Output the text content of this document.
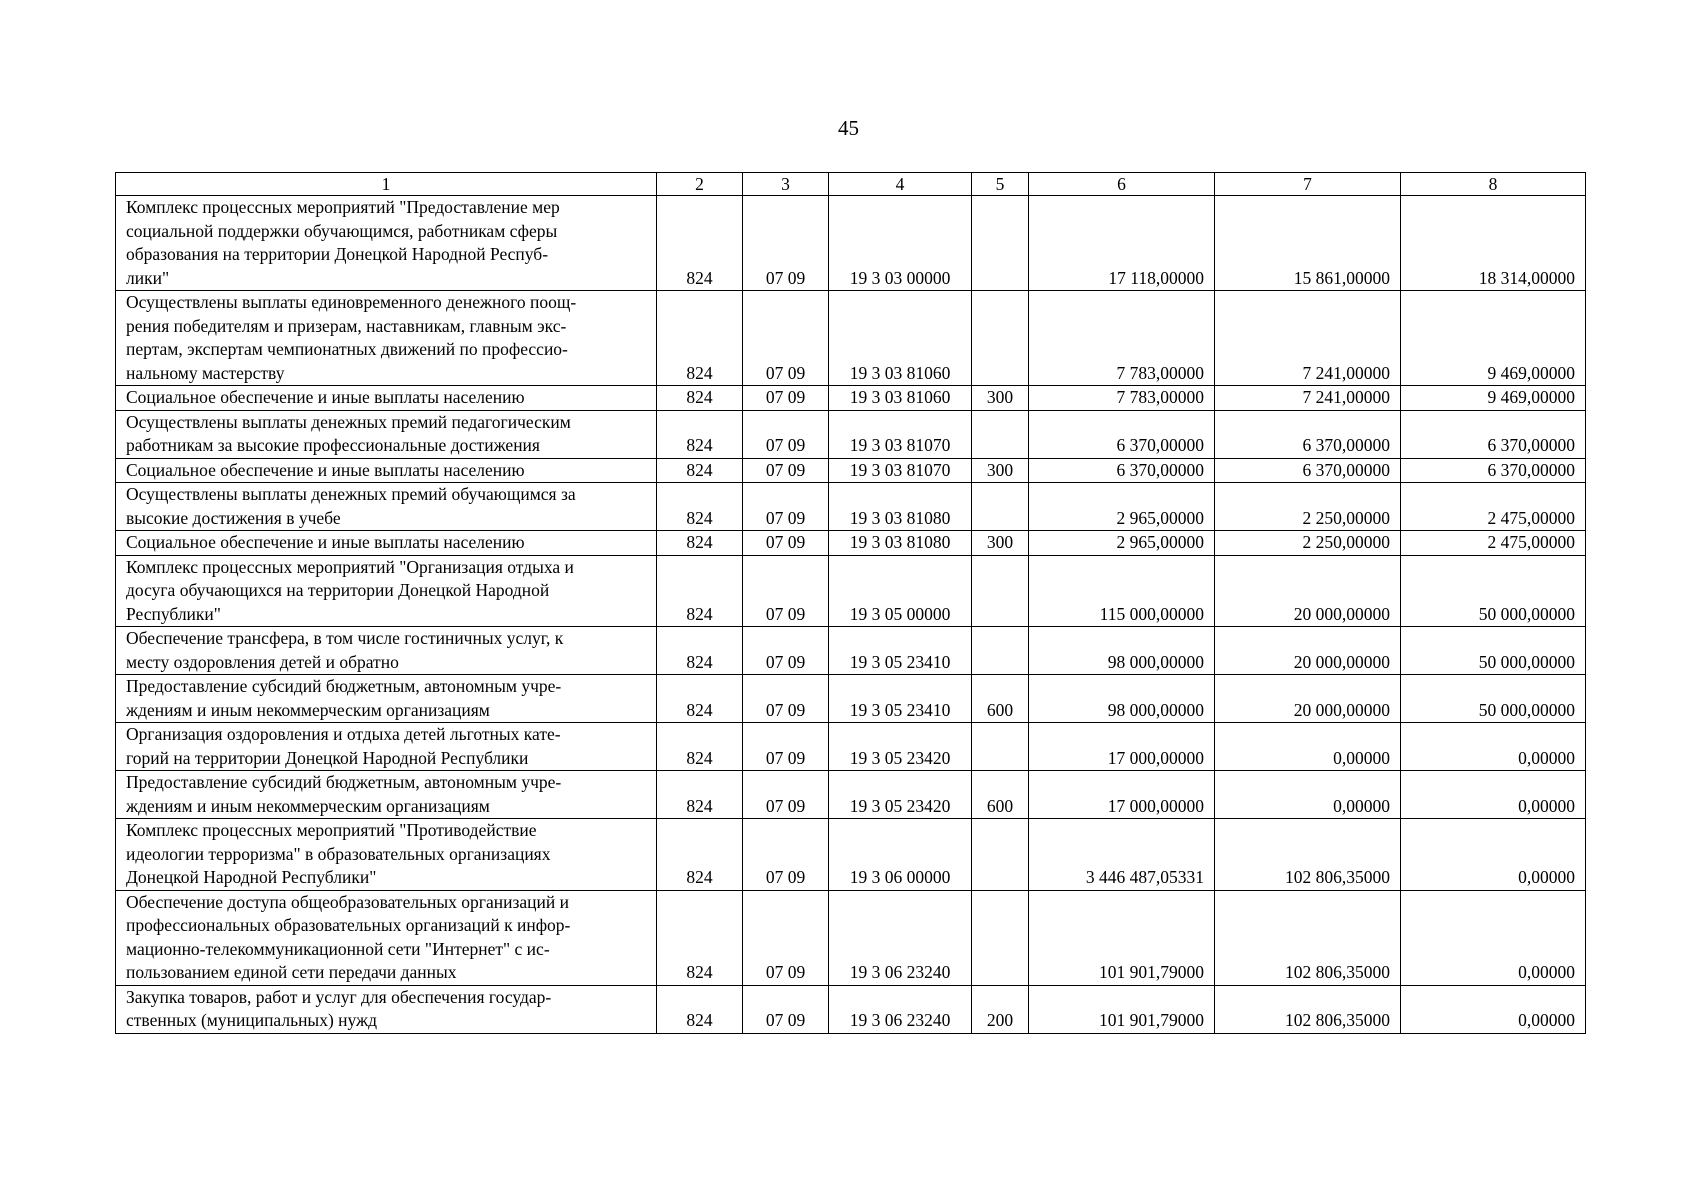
45
1	2	3	4	5	6	7	8

Комплекс процессных мероприятий "Предоставление мер
социальной поддержки обучающимся, работникам сферы
образования на территории Донецкой Народной Респуб-
лики"	824	07 09	19 3 03 00000		17 118,00000	15 861,00000	18 314,00000

Осуществлены выплаты единовременного денежного поощ-
рения победителям и призерам, наставникам, главным экс-
пертам, экспертам чемпионатных движений по профессио-
нальному мастерству	824	07 09	19 3 03 81060		7 783,00000	7 241,00000	9 469,00000

Социальное обеспечение и иные выплаты населению	824	07 09	19 3 03 81060	300	7 783,00000	7 241,00000	9 469,00000

Осуществлены выплаты денежных премий педагогическим
работникам за высокие профессиональные достижения	824	07 09	19 3 03 81070		6 370,00000	6 370,00000	6 370,00000

Социальное обеспечение и иные выплаты населению	824	07 09	19 3 03 81070	300	6 370,00000	6 370,00000	6 370,00000

Осуществлены выплаты денежных премий обучающимся за
высокие достижения в учебе	824	07 09	19 3 03 81080		2 965,00000	2 250,00000	2 475,00000

Социальное обеспечение и иные выплаты населению	824	07 09	19 3 03 81080	300	2 965,00000	2 250,00000	2 475,00000

Комплекс процессных мероприятий "Организация отдыха и
досуга обучающихся на территории Донецкой Народной
Республики"	824	07 09	19 3 05 00000		115 000,00000	20 000,00000	50 000,00000

Обеспечение трансфера, в том числе гостиничных услуг, к
месту оздоровления детей и обратно	824	07 09	19 3 05 23410		98 000,00000	20 000,00000	50 000,00000

Предоставление субсидий бюджетным, автономным учре-
ждениям и иным некоммерческим организациям	824	07 09	19 3 05 23410	600	98 000,00000	20 000,00000	50 000,00000

Организация оздоровления и отдыха детей льготных кате-
горий на территории Донецкой Народной Республики	824	07 09	19 3 05 23420		17 000,00000	0,00000	0,00000

Предоставление субсидий бюджетным, автономным учре-
ждениям и иным некоммерческим организациям	824	07 09	19 3 05 23420	600	17 000,00000	0,00000	0,00000

Комплекс процессных мероприятий "Противодействие
идеологии терроризма" в образовательных организациях
Донецкой Народной Республики"	824	07 09	19 3 06 00000		3 446 487,05331	102 806,35000	0,00000

Обеспечение доступа общеобразовательных организаций и
профессиональных образовательных организаций к инфор-
мационно-телекоммуникационной сети "Интернет" с ис-
пользованием единой сети передачи данных	824	07 09	19 3 06 23240		101 901,79000	102 806,35000	0,00000

Закупка товаров, работ и услуг для обеспечения государ-
ственных (муниципальных) нужд	824	07 09	19 3 06 23240	200	101 901,79000	102 806,35000	0,00000
